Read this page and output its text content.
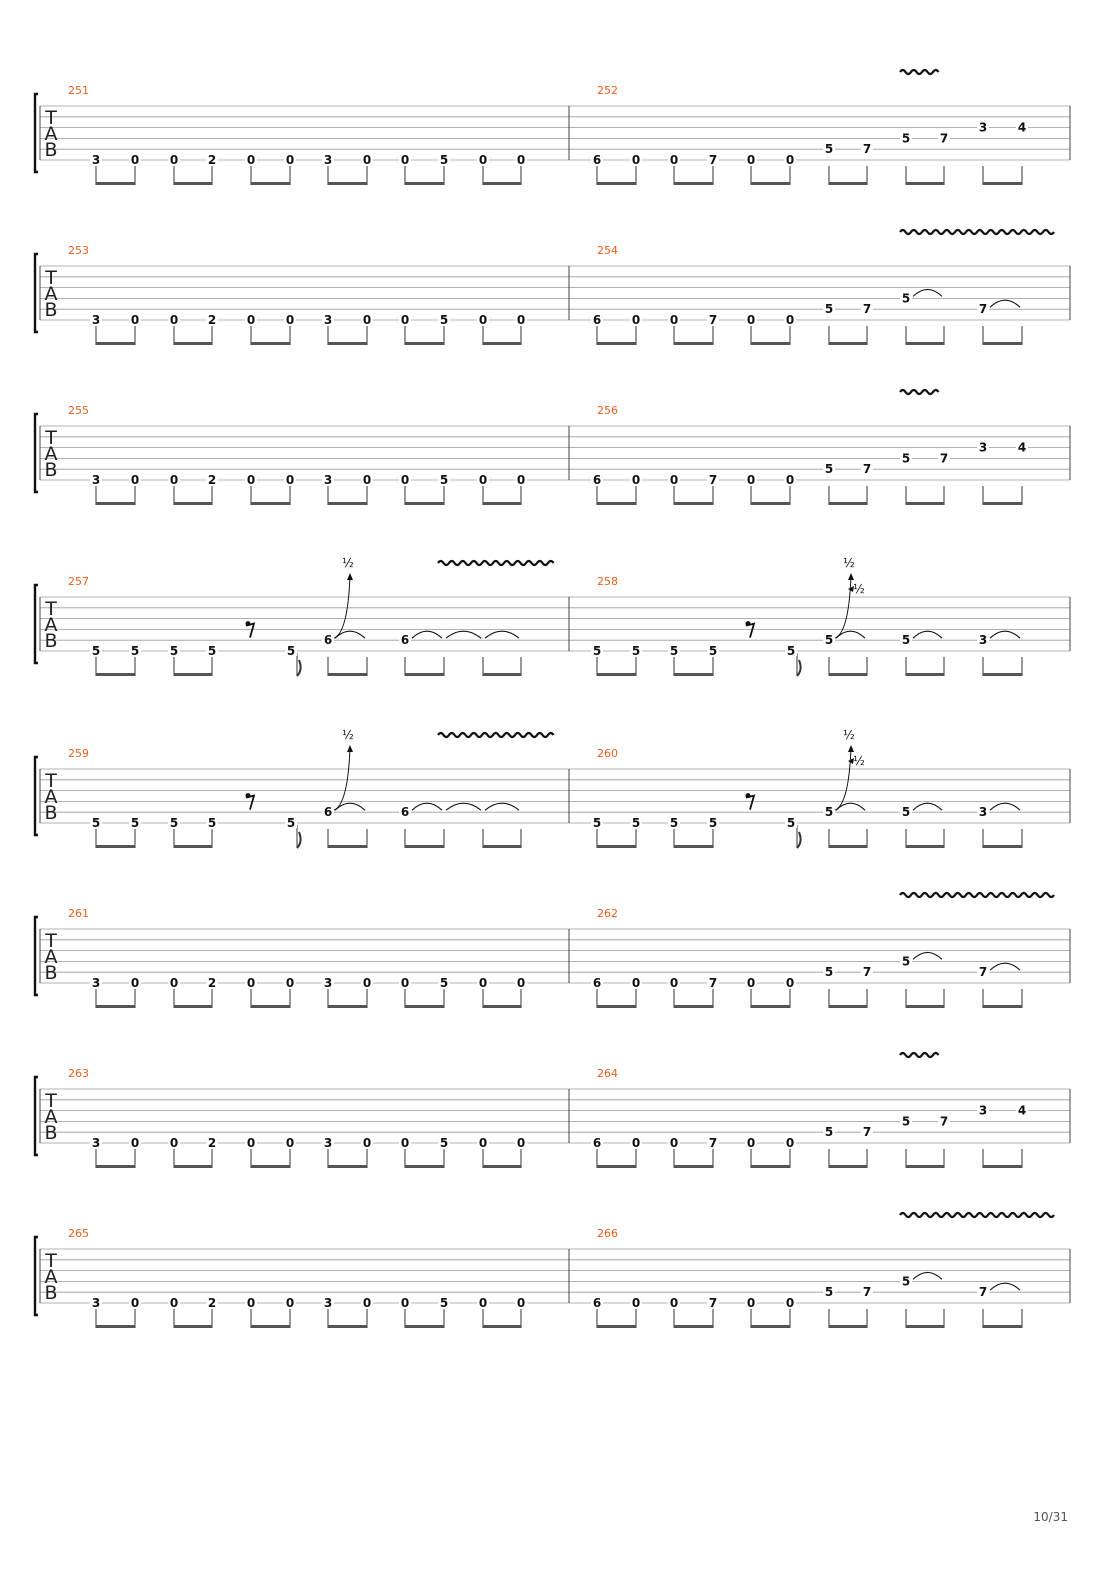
T
A
B
251
3	0	0 2	0	0 3	0 0	5	0 0
252
6	0 0	7 0	0
5 7
5 7
3	4
T
A
B
253
3	0	0 2	0	0 3	0 0	5	0 0
254
6	0 0	7 0	0
5 7
5
7
T
A
B
255
3	0	0 2	0	0 3	0 0	5	0 0
256
6	0 0	7 0	0
5 7
5 7
3	4
T
A
B
257
5	5	5 5	5
6
½
6
258
5	5 5	5	5
5
½
½
5	3
T
A
B
259
5	5	5 5	5
6
½
6
260
5	5 5	5	5
5
½
½
5	3
T
A
B
261
3	0	0 2	0	0 3	0 0	5	0 0
262
6	0 0	7 0	0
5 7
5
7
T
A
B
263
3	0	0 2	0	0 3	0 0	5	0 0
264
6	0 0	7 0	0
5 7
5 7
3	4
T
A
B
265
3	0	0 2	0	0 3	0 0	5	0 0
266
6	0 0	7 0	0
5 7
5
7
10/31
